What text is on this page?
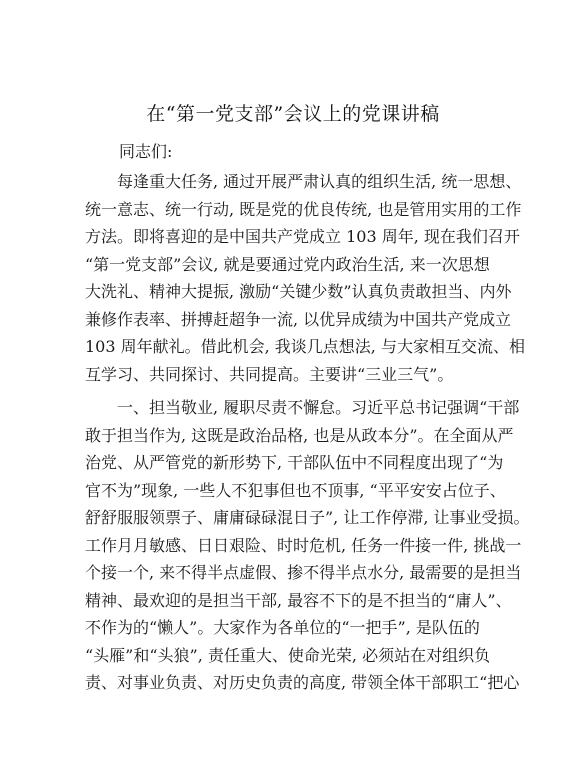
在“第一党支部”会议上的党课讲稿
同志们:
每逢重大任务, 通过开展严肃认真的组织生活, 统一思想、
统一意志、统一行动, 既是党的优良传统, 也是管用实用的工作
方法。即将喜迎的是中国共产党成立 103 周年, 现在我们召开
“第一党支部”会议, 就是要通过党内政治生活, 来一次思想
大洗礼、精神大提振, 激励“关键少数”认真负责敢担当、内外
兼修作表率、拼搏赶超争一流, 以优异成绩为中国共产党成立
103 周年献礼。借此机会, 我谈几点想法, 与大家相互交流、相
互学习、共同探讨、共同提高。主要讲“三业三气”。
一、担当敬业, 履职尽责不懈怠。习近平总书记强调“干部
敢于担当作为, 这既是政治品格, 也是从政本分”。在全面从严
治党、从严管党的新形势下, 干部队伍中不同程度出现了“为
官不为”现象, 一些人不犯事但也不顶事, “平平安安占位子、
舒舒服服领票子、庸庸碌碌混日子”, 让工作停滞, 让事业受损。
工作月月敏感、日日艰险、时时危机, 任务一件接一件, 挑战一
个接一个, 来不得半点虚假、掺不得半点水分, 最需要的是担当
精神、最欢迎的是担当干部, 最容不下的是不担当的“庸人”、
不作为的“懒人”。大家作为各单位的“一把手”, 是队伍的
“头雁”和“头狼”, 责任重大、使命光荣, 必须站在对组织负
责、对事业负责、对历史负责的高度, 带领全体干部职工“把心
